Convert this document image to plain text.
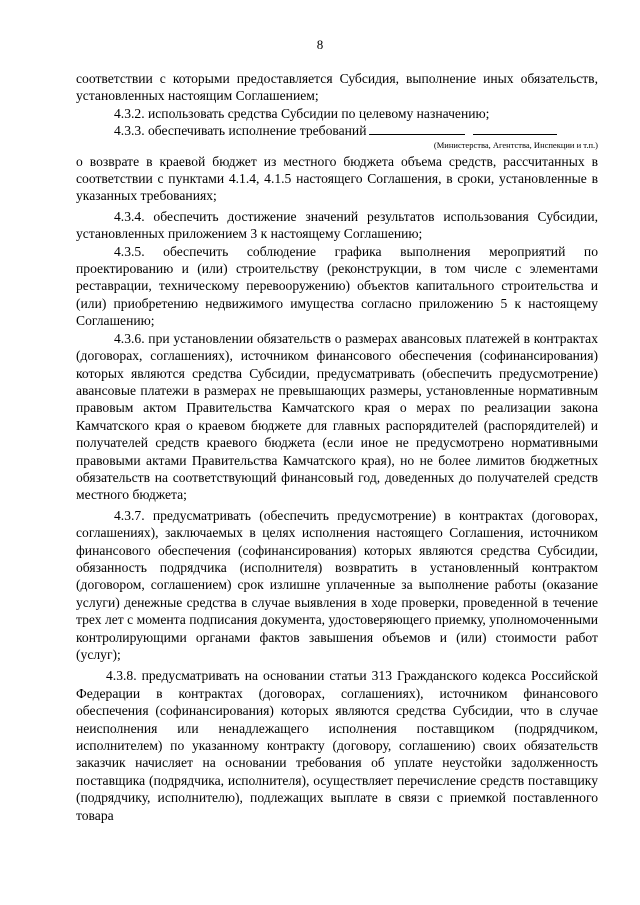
8

соответствии с которыми предоставляется Субсидия, выполнение иных обязательств, установленных настоящим Соглашением;

4.3.2. использовать средства Субсидии по целевому назначению;

4.3.3. обеспечивать исполнение требований

(Министерства, Агентства, Инспекции и т.п.)

о возврате в краевой бюджет из местного бюджета объема средств, рассчитанных в соответствии с пунктами 4.1.4, 4.1.5 настоящего Соглашения, в сроки, установленные в указанных требованиях;

4.3.4. обеспечить достижение значений результатов использования Субсидии, установленных приложением 3 к настоящему Соглашению;

4.3.5. обеспечить соблюдение графика выполнения мероприятий по проектированию и (или) строительству (реконструкции, в том числе с элементами реставрации, техническому перевооружению) объектов капитального строительства и (или) приобретению недвижимого имущества согласно приложению 5 к настоящему Соглашению;

4.3.6. при установлении обязательств о размерах авансовых платежей в контрактах (договорах, соглашениях), источником финансового обеспечения (софинансирования) которых являются средства Субсидии, предусматривать (обеспечить предусмотрение) авансовые платежи в размерах не превышающих размеры, установленные нормативным правовым актом Правительства Камчатского края о мерах по реализации закона Камчатского края о краевом бюджете для главных распорядителей (распорядителей) и получателей средств краевого бюджета (если иное не предусмотрено нормативными правовыми актами Правительства Камчатского края), но не более лимитов бюджетных обязательств на соответствующий финансовый год, доведенных до получателей средств местного бюджета;

4.3.7. предусматривать (обеспечить предусмотрение) в контрактах (договорах, соглашениях), заключаемых в целях исполнения настоящего Соглашения, источником финансового обеспечения (софинансирования) которых являются средства Субсидии, обязанность подрядчика (исполнителя) возвратить в установленный контрактом (договором, соглашением) срок излишне уплаченные за выполнение работы (оказание услуги) денежные средства в случае выявления в ходе проверки, проведенной в течение трех лет с момента подписания документа, удостоверяющего приемку, уполномоченными контролирующими органами фактов завышения объемов и (или) стоимости работ (услуг);

4.3.8. предусматривать на основании статьи 313 Гражданского кодекса Российской Федерации в контрактах (договорах, соглашениях), источником финансового обеспечения (софинансирования) которых являются средства Субсидии, что в случае неисполнения или ненадлежащего исполнения поставщиком (подрядчиком, исполнителем) по указанному контракту (договору, соглашению) своих обязательств заказчик начисляет на основании требования об уплате неустойки задолженность поставщика (подрядчика, исполнителя), осуществляет перечисление средств поставщику (подрядчику, исполнителю), подлежащих выплате в связи с приемкой поставленного товара
